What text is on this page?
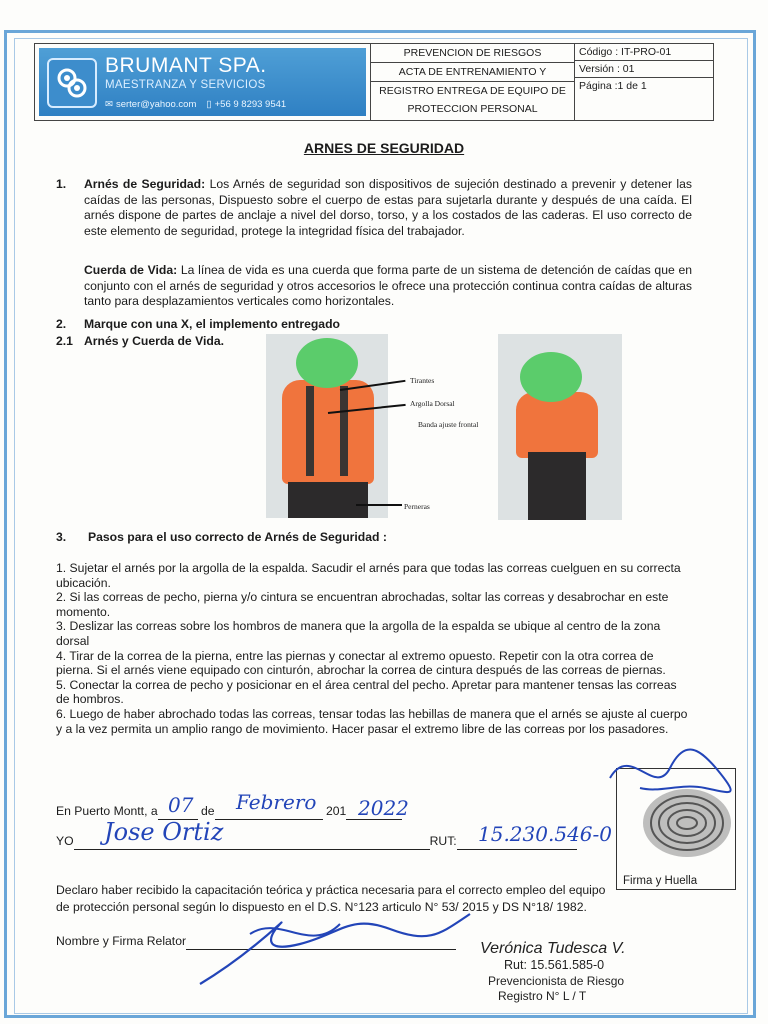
BRUMANT SPA.
MAESTRANZA Y SERVICIOS
✉ serter@yahoo.com ▯ +56 9 8293 9541
PREVENCION DE RIESGOS
ACTA DE ENTRENAMIENTO Y
REGISTRO ENTREGA DE EQUIPO DE
PROTECCION PERSONAL
Código : IT-PRO-01
Versión : 01
Página :1 de 1
ARNES DE SEGURIDAD
1. Arnés de Seguridad: Los Arnés de seguridad son dispositivos de sujeción destinado a prevenir y detener las caídas de las personas, Dispuesto sobre el cuerpo de estas para sujetarla durante y después de una caída. El arnés dispone de partes de anclaje a nivel del dorso, torso, y a los costados de las caderas. El uso correcto de este elemento de seguridad, protege la integridad física del trabajador.
Cuerda de Vida: La línea de vida es una cuerda que forma parte de un sistema de detención de caídas que en conjunto con el arnés de seguridad y otros accesorios le ofrece una protección continua contra caídas de alturas tanto para desplazamientos verticales como horizontales.
2. Marque con una X, el implemento entregado
2.1 Arnés y Cuerda de Vida.
Tirantes
Argolla Dorsal
Banda ajuste frontal
Perneras
3. Pasos para el uso correcto de Arnés de Seguridad :

1. Sujetar el arnés por la argolla de la espalda. Sacudir el arnés para que todas las correas cuelguen en su correcta ubicación.

2. Si las correas de pecho, pierna y/o cintura se encuentran abrochadas, soltar las correas y desabrochar en este momento.

3. Deslizar las correas sobre los hombros de manera que la argolla de la espalda se ubique al centro de la zona dorsal

4. Tirar de la correa de la pierna, entre las piernas y conectar al extremo opuesto. Repetir con la otra correa de pierna. Si el arnés viene equipado con cinturón, abrochar la correa de cintura después de las correas de piernas.

5. Conectar la correa de pecho y posicionar en el área central del pecho. Apretar para mantener tensas las correas de hombros.

6. Luego de haber abrochado todas las correas, tensar todas las hebillas de manera que el arnés se ajuste al cuerpo y a la vez permita un amplio rango de movimiento. Hacer pasar el extremo libre de las correas por los pasadores.

En Puerto Montt, a	de	201
07 Febrero 2022
YO	RUT:
Jose Ortiz	15.230.546-0
Firma y Huella
Declaro haber recibido la capacitación teórica y práctica necesaria para el correcto empleo del equipo de protección personal según lo dispuesto en el D.S. N°123 articulo N° 53/ 2015 y DS N°18/ 1982.
Nombre y Firma Relator	Verónica Tudesca V.
Rut: 15.561.585-0
Prevencionista de Riesgo
Registro N° L / T
